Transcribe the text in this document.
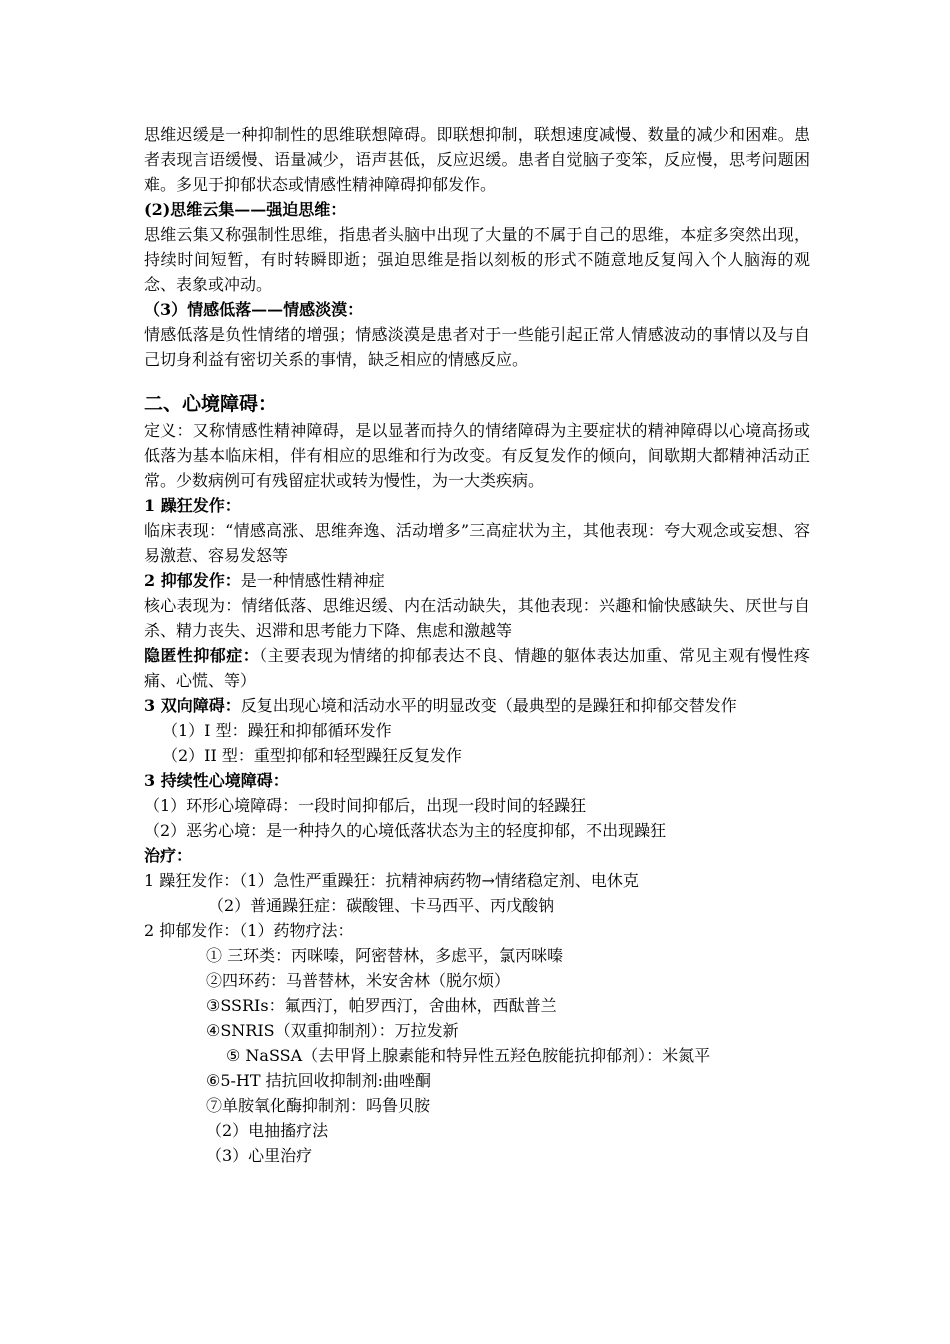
思维迟缓是一种抑制性的思维联想障碍。即联想抑制，联想速度减慢、数量的减少和困难。患者表现言语缓慢、语量减少，语声甚低，反应迟缓。患者自觉脑子变笨，反应慢，思考问题困难。多见于抑郁状态或情感性精神障碍抑郁发作。

(2)思维云集——强迫思维：

思维云集又称强制性思维，指患者头脑中出现了大量的不属于自己的思维，本症多突然出现，持续时间短暂，有时转瞬即逝；强迫思维是指以刻板的形式不随意地反复闯入个人脑海的观念、表象或冲动。

（3）情感低落——情感淡漠：

情感低落是负性情绪的增强；情感淡漠是患者对于一些能引起正常人情感波动的事情以及与自己切身利益有密切关系的事情，缺乏相应的情感反应。

二、心境障碍：

定义：又称情感性精神障碍，是以显著而持久的情绪障碍为主要症状的精神障碍以心境高扬或低落为基本临床相，伴有相应的思维和行为改变。有反复发作的倾向，间歇期大都精神活动正常。少数病例可有残留症状或转为慢性，为一大类疾病。

1 躁狂发作：

临床表现：“情感高涨、思维奔逸、活动增多”三高症状为主，其他表现：夸大观念或妄想、容易激惹、容易发怒等

2 抑郁发作：是一种情感性精神症

核心表现为：情绪低落、思维迟缓、内在活动缺失，其他表现：兴趣和愉快感缺失、厌世与自杀、精力丧失、迟滞和思考能力下降、焦虑和激越等

隐匿性抑郁症：（主要表现为情绪的抑郁表达不良、情趣的躯体表达加重、常见主观有慢性疼痛、心慌、等）

3 双向障碍：反复出现心境和活动水平的明显改变（最典型的是躁狂和抑郁交替发作

（1）I 型：躁狂和抑郁循环发作

（2）II 型：重型抑郁和轻型躁狂反复发作

3 持续性心境障碍：

（1）环形心境障碍：一段时间抑郁后，出现一段时间的轻躁狂

（2）恶劣心境：是一种持久的心境低落状态为主的轻度抑郁，不出现躁狂

治疗：

1 躁狂发作：（1）急性严重躁狂：抗精神病药物→情绪稳定剂、电休克

（2）普通躁狂症：碳酸锂、卡马西平、丙戊酸钠

2 抑郁发作：（1）药物疗法：

① 三环类：丙咪嗪，阿密替林，多虑平，氯丙咪嗪

②四环药：马普替林，米安舍林（脱尔烦）

③SSRIs：氟西汀，帕罗西汀，舍曲林，西酞普兰

④SNRIS（双重抑制剂）：万拉发新

⑤ NaSSA（去甲肾上腺素能和特异性五羟色胺能抗抑郁剂）：米氮平

⑥5-HT 拮抗回收抑制剂:曲唑酮

⑦单胺氧化酶抑制剂：吗鲁贝胺

（2）电抽搐疗法

（3）心里治疗
